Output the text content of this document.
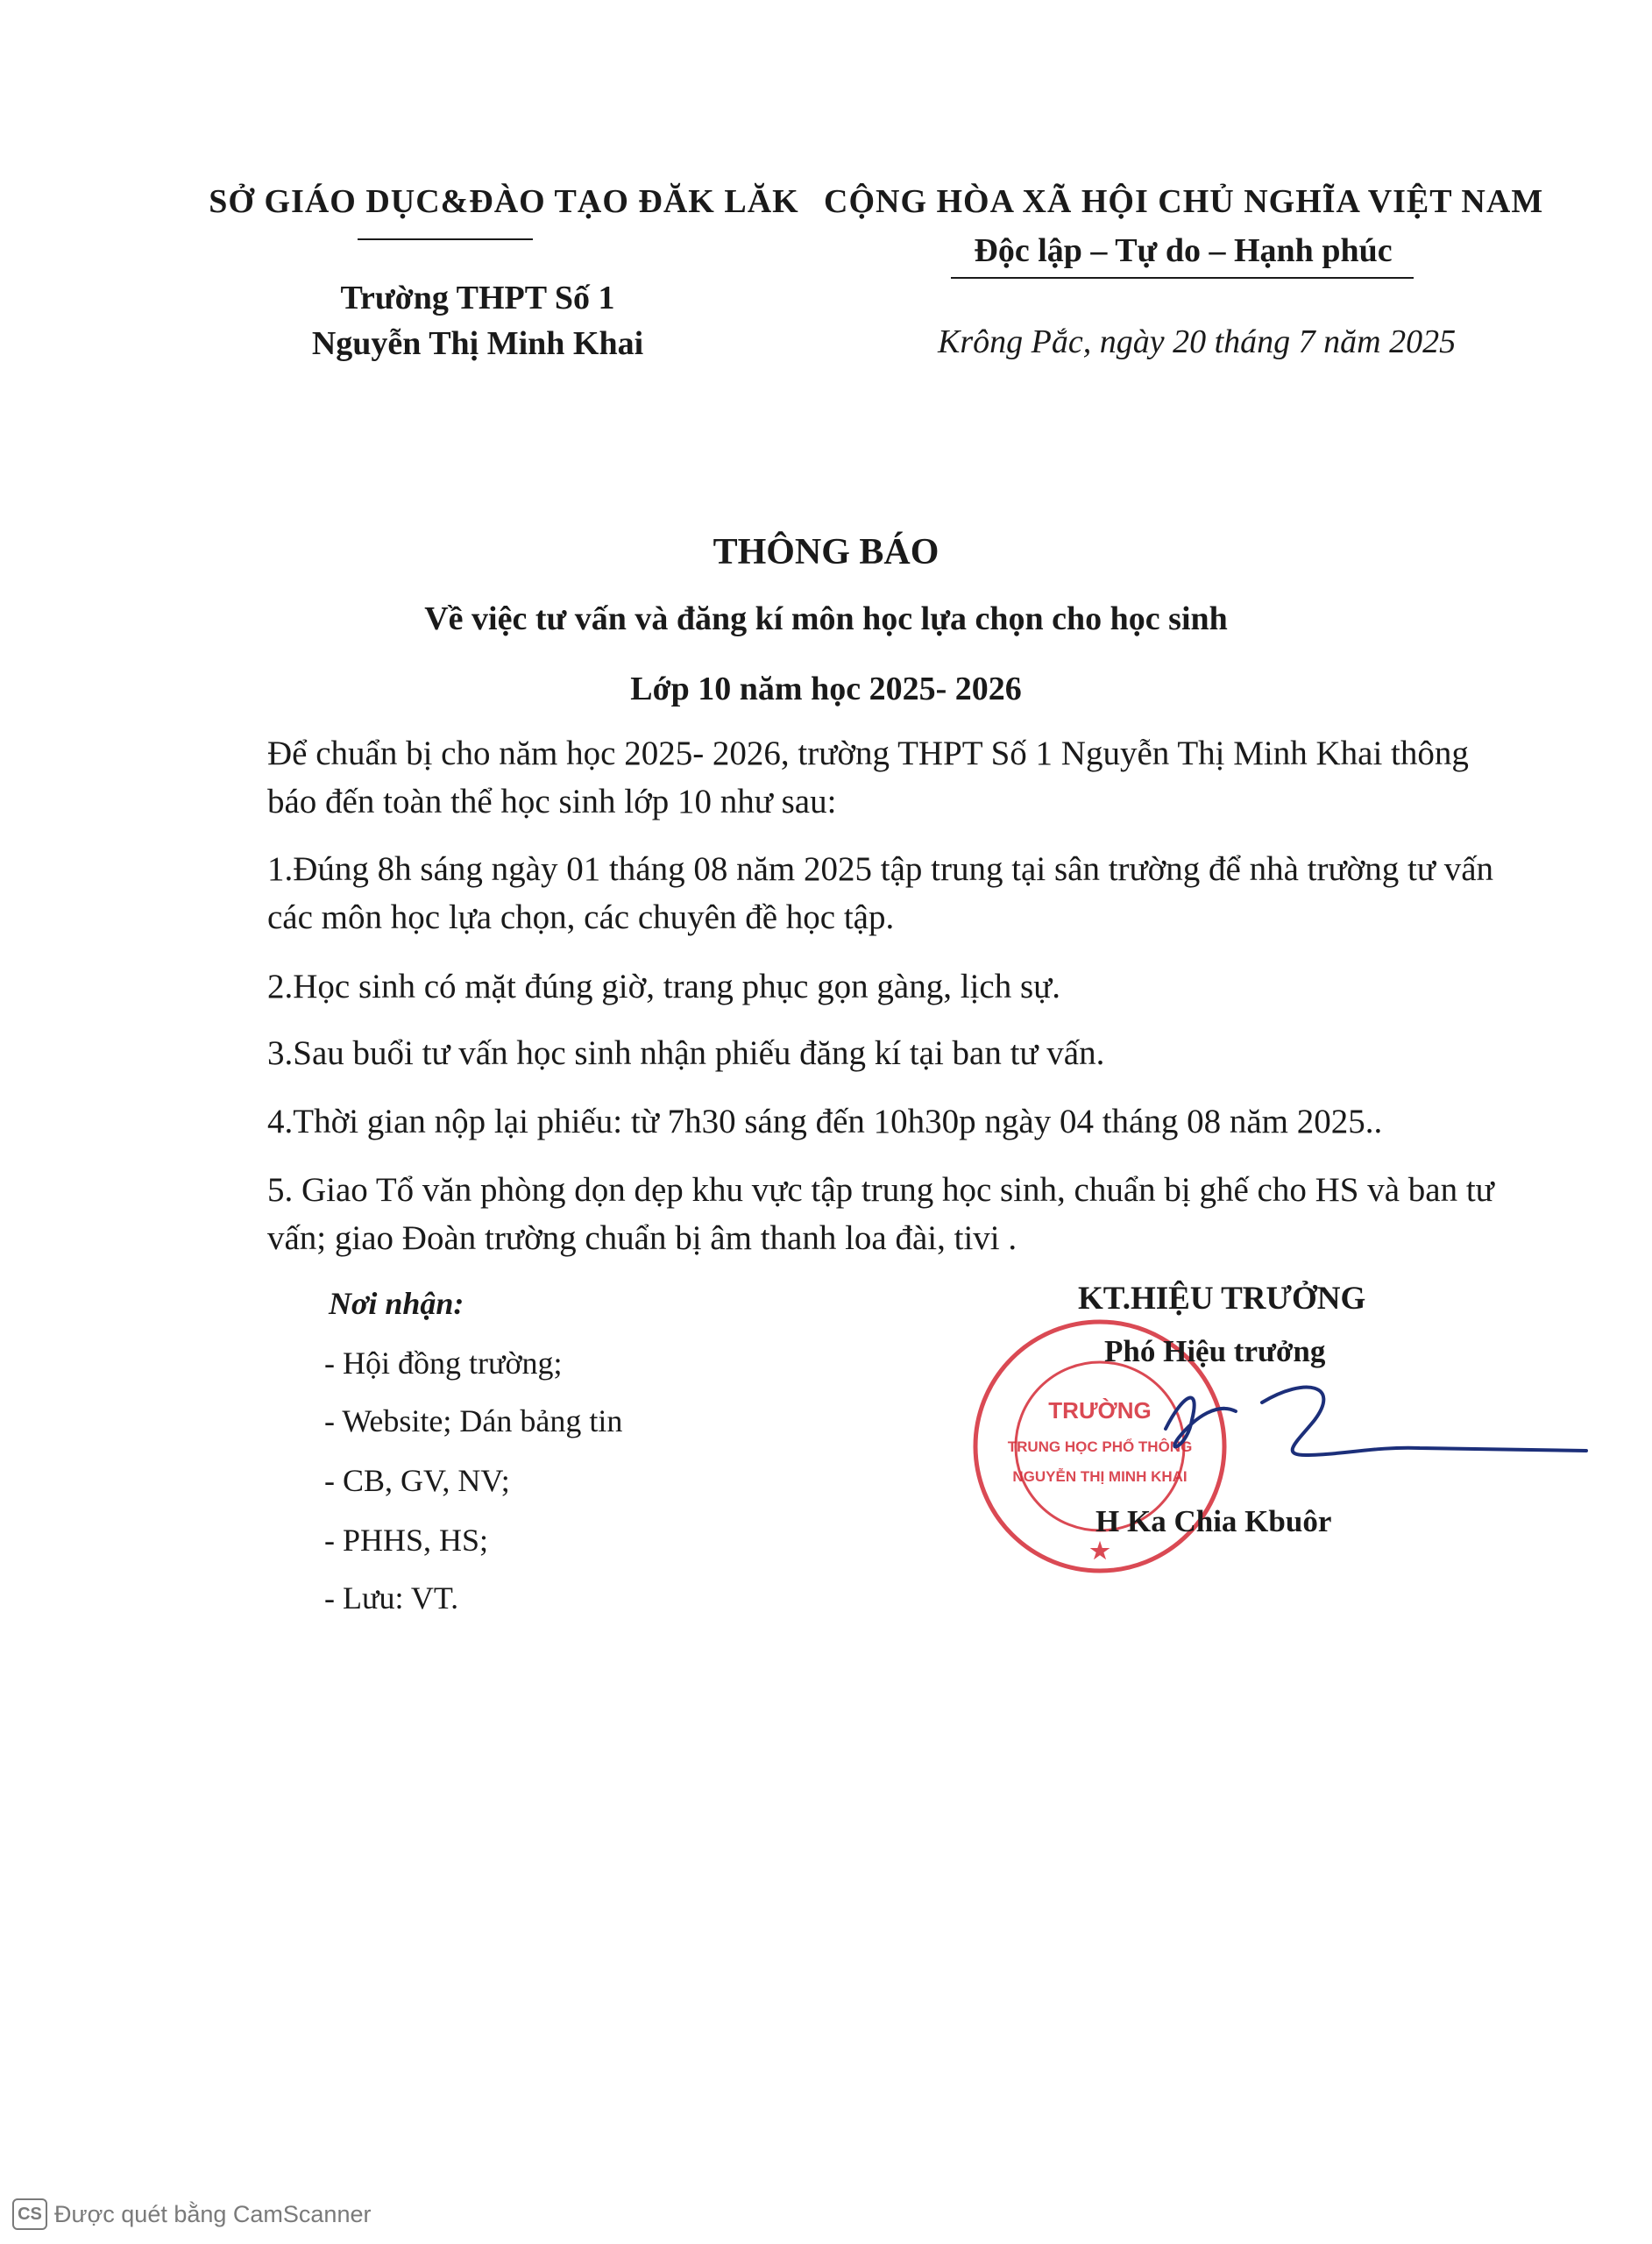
SỞ GIÁO DỤC&ĐÀO TẠO ĐĂK LĂK
Trường THPT Số 1
Nguyễn Thị Minh Khai
CỘNG HÒA XÃ HỘI CHỦ NGHĨA VIỆT NAM
Độc lập – Tự do – Hạnh phúc
Krông Pắc, ngày 20 tháng 7 năm 2025
THÔNG BÁO
Về việc tư vấn và đăng kí môn học lựa chọn cho học sinh
Lớp 10 năm học 2025- 2026
Để chuẩn bị cho năm học 2025- 2026, trường THPT Số 1 Nguyễn Thị Minh Khai thông báo đến toàn thể học sinh lớp 10 như sau:
1.Đúng 8h sáng ngày 01 tháng 08 năm 2025 tập trung tại sân trường để nhà trường tư vấn các môn học lựa chọn, các chuyên đề học tập.
2.Học sinh có mặt đúng giờ, trang phục gọn gàng, lịch sự.
3.Sau buổi tư vấn học sinh nhận phiếu đăng kí tại ban tư vấn.
4.Thời gian nộp lại phiếu: từ 7h30 sáng đến 10h30p ngày 04 tháng 08 năm 2025..
5. Giao Tổ văn phòng dọn dẹp khu vực tập trung học sinh, chuẩn bị ghế cho HS và ban tư vấn; giao Đoàn trường chuẩn bị âm thanh loa đài, tivi .
Nơi nhận:
- Hội đồng trường;
- Website; Dán bảng tin
- CB, GV, NV;
- PHHS, HS;
- Lưu: VT.
TRƯỜNG
TRUNG HỌC PHỔ THÔNG
NGUYỄN THỊ MINH KHAI
★
KT.HIỆU TRƯỞNG
Phó Hiệu trưởng
H Ka Chia Kbuôr
CS Được quét bằng CamScanner
